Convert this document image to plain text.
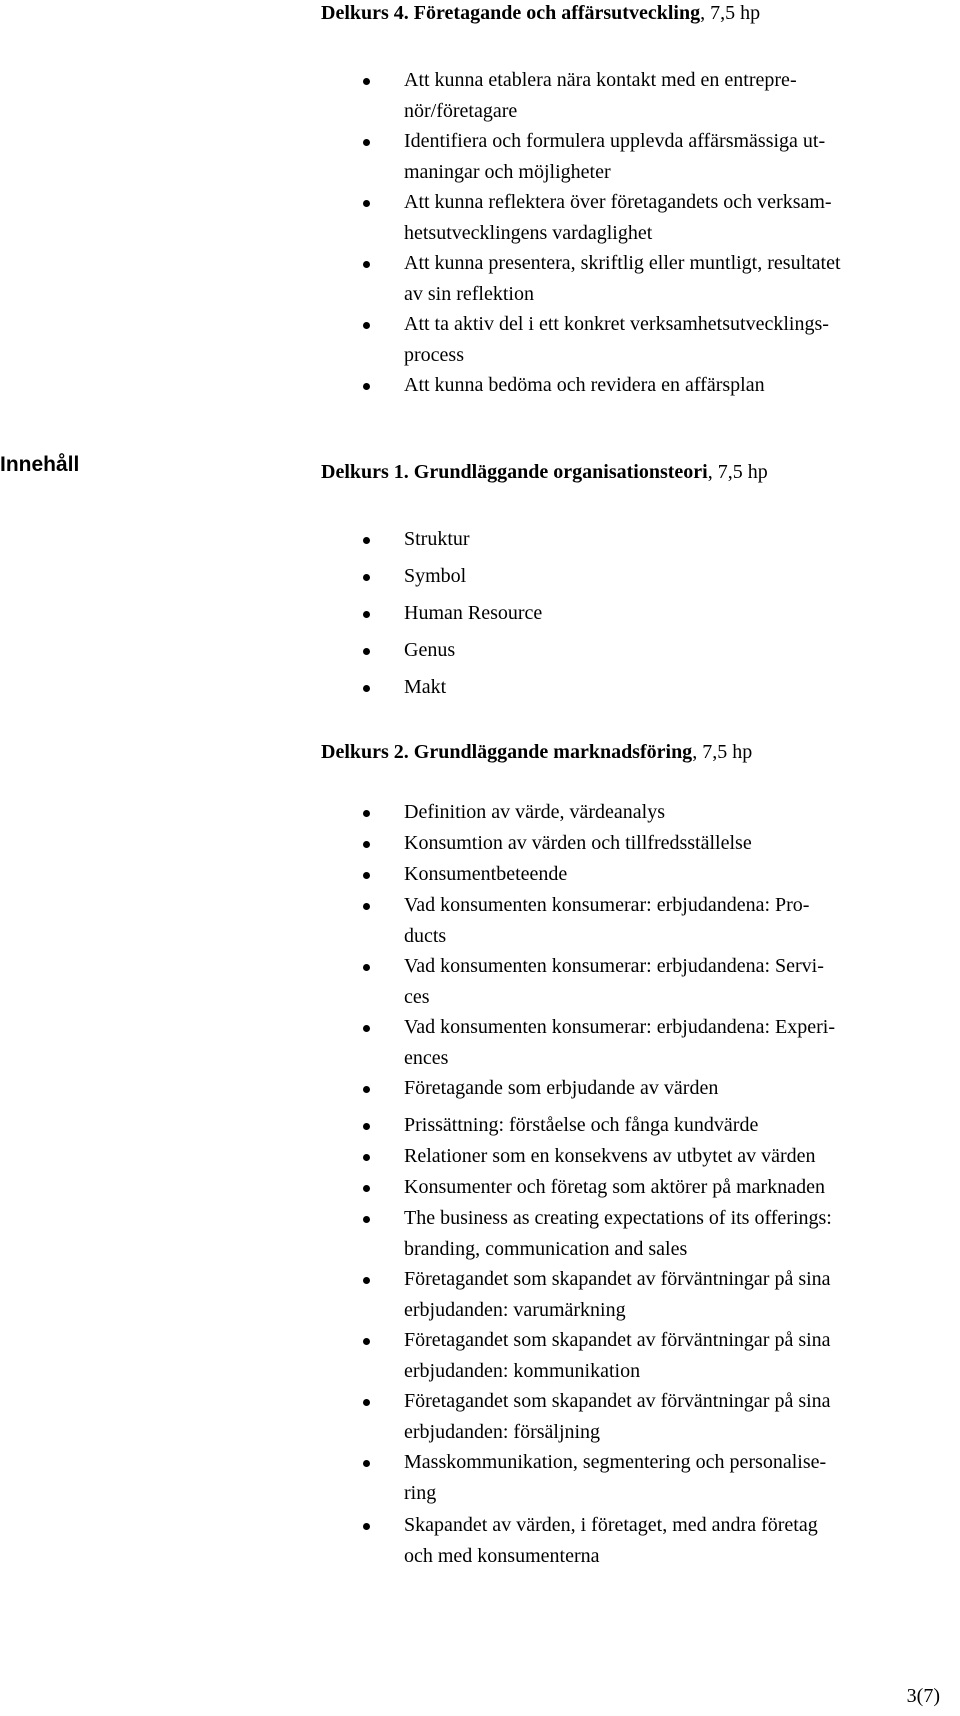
Delkurs 4. Företagande och affärsutveckling, 7,5 hp
Innehåll	Delkurs 1. Grundläggande organisationsteori, 7,5 hp
Delkurs 2. Grundläggande marknadsföring, 7,5 hp
Att kunna etablera nära kontakt med en entrepre-
nör/företagare
Identifiera och formulera upplevda affärsmässiga ut-
maningar och möjligheter
Att kunna reflektera över företagandets och verksam-
hetsutvecklingens vardaglighet
Att kunna presentera, skriftlig eller muntligt, resultatet
av sin reflektion
Att ta aktiv del i ett konkret verksamhetsutvecklings-
process
Att kunna bedöma och revidera en affärsplan
Struktur
Symbol
Human Resource
Genus
Makt
Definition av värde, värdeanalys
Konsumtion av värden och tillfredsställelse
Konsumentbeteende
Vad konsumenten konsumerar: erbjudandena: Pro-
ducts
Vad konsumenten konsumerar: erbjudandena: Servi-
ces
Vad konsumenten konsumerar: erbjudandena: Experi-
ences
Företagande som erbjudande av värden
Prissättning: förståelse och fånga kundvärde
Relationer som en konsekvens av utbytet av värden
Konsumenter och företag som aktörer på marknaden
The business as creating expectations of its offerings:
branding, communication and sales
Företagandet som skapandet av förväntningar på sina
erbjudanden: varumärkning
Företagandet som skapandet av förväntningar på sina
erbjudanden: kommunikation
Företagandet som skapandet av förväntningar på sina
erbjudanden: försäljning
Masskommunikation, segmentering och personalise-
ring
Skapandet av värden, i företaget, med andra företag
och med konsumenterna

3(7)
